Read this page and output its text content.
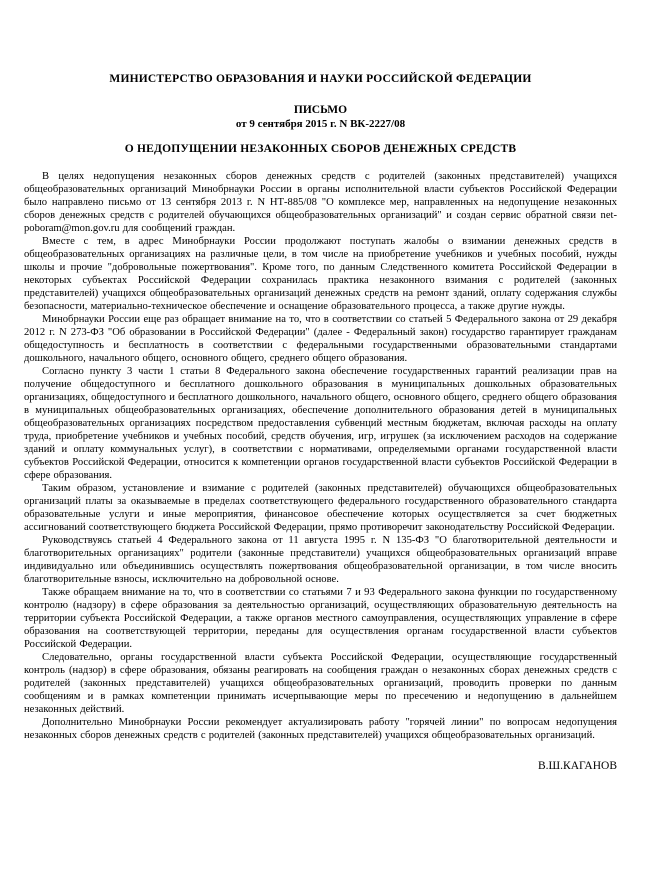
МИНИСТЕРСТВО ОБРАЗОВАНИЯ И НАУКИ РОССИЙСКОЙ ФЕДЕРАЦИИ
ПИСЬМО
от 9 сентября 2015 г. N ВК-2227/08
О НЕДОПУЩЕНИИ НЕЗАКОННЫХ СБОРОВ ДЕНЕЖНЫХ СРЕДСТВ

В целях недопущения незаконных сборов денежных средств с родителей (законных представителей) учащихся общеобразовательных организаций Минобрнауки России в органы исполнительной власти субъектов Российской Федерации было направлено письмо от 13 сентября 2013 г. N НТ-885/08 "О комплексе мер, направленных на недопущение незаконных сборов денежных средств с родителей обучающихся общеобразовательных организаций" и создан сервис обратной связи net-poboram@mon.gov.ru для сообщений граждан.

Вместе с тем, в адрес Минобрнауки России продолжают поступать жалобы о взимании денежных средств в общеобразовательных организациях на различные цели, в том числе на приобретение учебников и учебных пособий, нужды школы и прочие "добровольные пожертвования". Кроме того, по данным Следственного комитета Российской Федерации в некоторых субъектах Российской Федерации сохранилась практика незаконного взимания с родителей (законных представителей) учащихся общеобразовательных организаций денежных средств на ремонт зданий, оплату содержания службы безопасности, материально-техническое обеспечение и оснащение образовательного процесса, а также другие нужды.

Минобрнауки России еще раз обращает внимание на то, что в соответствии со статьей 5 Федерального закона от 29 декабря 2012 г. N 273-ФЗ "Об образовании в Российской Федерации" (далее - Федеральный закон) государство гарантирует гражданам общедоступность и бесплатность в соответствии с федеральными государственными образовательными стандартами дошкольного, начального общего, основного общего, среднего общего образования.

Согласно пункту 3 части 1 статьи 8 Федерального закона обеспечение государственных гарантий реализации прав на получение общедоступного и бесплатного дошкольного образования в муниципальных дошкольных образовательных организациях, общедоступного и бесплатного дошкольного, начального общего, основного общего, среднего общего образования в муниципальных общеобразовательных организациях, обеспечение дополнительного образования детей в муниципальных общеобразовательных организациях посредством предоставления субвенций местным бюджетам, включая расходы на оплату труда, приобретение учебников и учебных пособий, средств обучения, игр, игрушек (за исключением расходов на содержание зданий и оплату коммунальных услуг), в соответствии с нормативами, определяемыми органами государственной власти субъектов Российской Федерации, относится к компетенции органов государственной власти субъектов Российской Федерации в сфере образования.

Таким образом, установление и взимание с родителей (законных представителей) обучающихся общеобразовательных организаций платы за оказываемые в пределах соответствующего федерального государственного образовательного стандарта образовательные услуги и иные мероприятия, финансовое обеспечение которых осуществляется за счет бюджетных ассигнований соответствующего бюджета Российской Федерации, прямо противоречит законодательству Российской Федерации.

Руководствуясь статьей 4 Федерального закона от 11 августа 1995 г. N 135-ФЗ "О благотворительной деятельности и благотворительных организациях" родители (законные представители) учащихся общеобразовательных организаций вправе индивидуально или объединившись осуществлять пожертвования общеобразовательной организации, в том числе вносить благотворительные взносы, исключительно на добровольной основе.

Также обращаем внимание на то, что в соответствии со статьями 7 и 93 Федерального закона функции по государственному контролю (надзору) в сфере образования за деятельностью организаций, осуществляющих образовательную деятельность на территории субъекта Российской Федерации, а также органов местного самоуправления, осуществляющих управление в сфере образования на соответствующей территории, переданы для осуществления органам государственной власти субъектов Российской Федерации.

Следовательно, органы государственной власти субъекта Российской Федерации, осуществляющие государственный контроль (надзор) в сфере образования, обязаны реагировать на сообщения граждан о незаконных сборах денежных средств с родителей (законных представителей) учащихся общеобразовательных организаций, проводить проверки по данным сообщениям и в рамках компетенции принимать исчерпывающие меры по пресечению и недопущению в дальнейшем незаконных действий.

Дополнительно Минобрнауки России рекомендует актуализировать работу "горячей линии" по вопросам недопущения незаконных сборов денежных средств с родителей (законных представителей) учащихся общеобразовательных организаций.

В.Ш.КАГАНОВ
